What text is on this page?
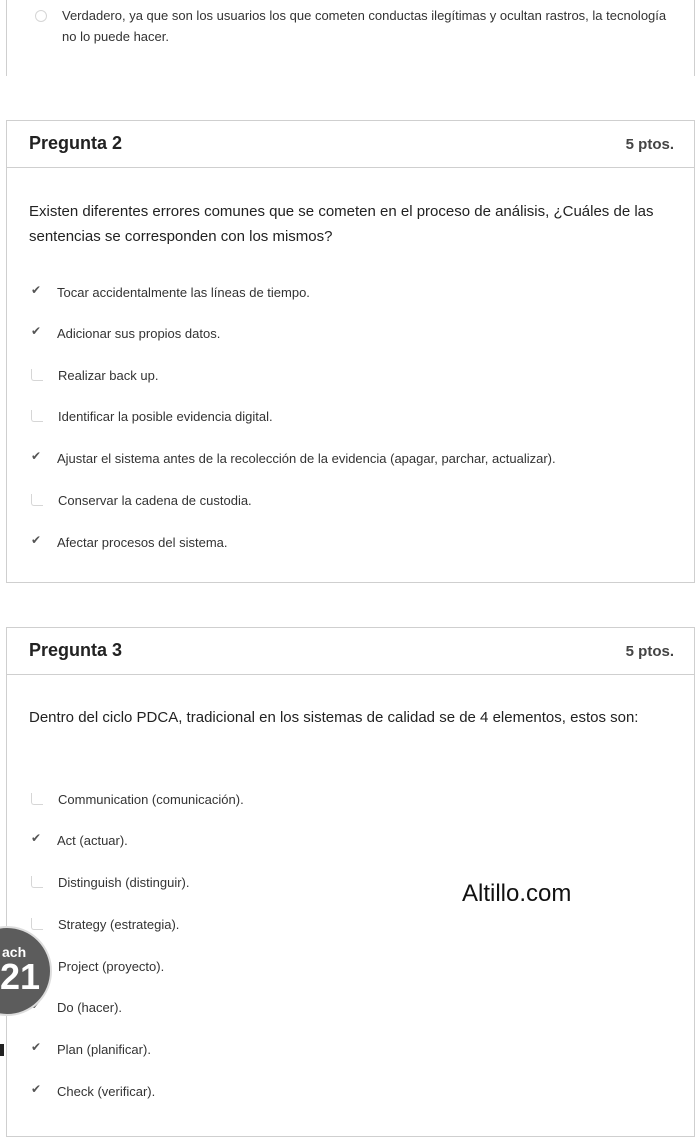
Verdadero, ya que son los usuarios los que cometen conductas ilegítimas y ocultan rastros, la tecnología no lo puede hacer.
Pregunta 2	5 ptos.
Existen diferentes errores comunes que se cometen en el proceso de análisis, ¿Cuáles de las sentencias se corresponden con los mismos?
✔
Tocar accidentalmente las líneas de tiempo.
✔
Adicionar sus propios datos.
Realizar back up.
Identificar la posible evidencia digital.
✔
Ajustar el sistema antes de la recolección de la evidencia (apagar, parchar, actualizar).
Conservar la cadena de custodia.
✔
Afectar procesos del sistema.
Pregunta 3	5 ptos.
Dentro del ciclo PDCA, tradicional en los sistemas de calidad se de 4 elementos, estos son:
Communication (comunicación).
✔
Act (actuar).
Distinguish (distinguir).
Strategy (estrategia).
Project (proyecto).
✔
Do (hacer).
✔
Plan (planificar).
✔
Check (verificar).
Altillo.com
ach
21
